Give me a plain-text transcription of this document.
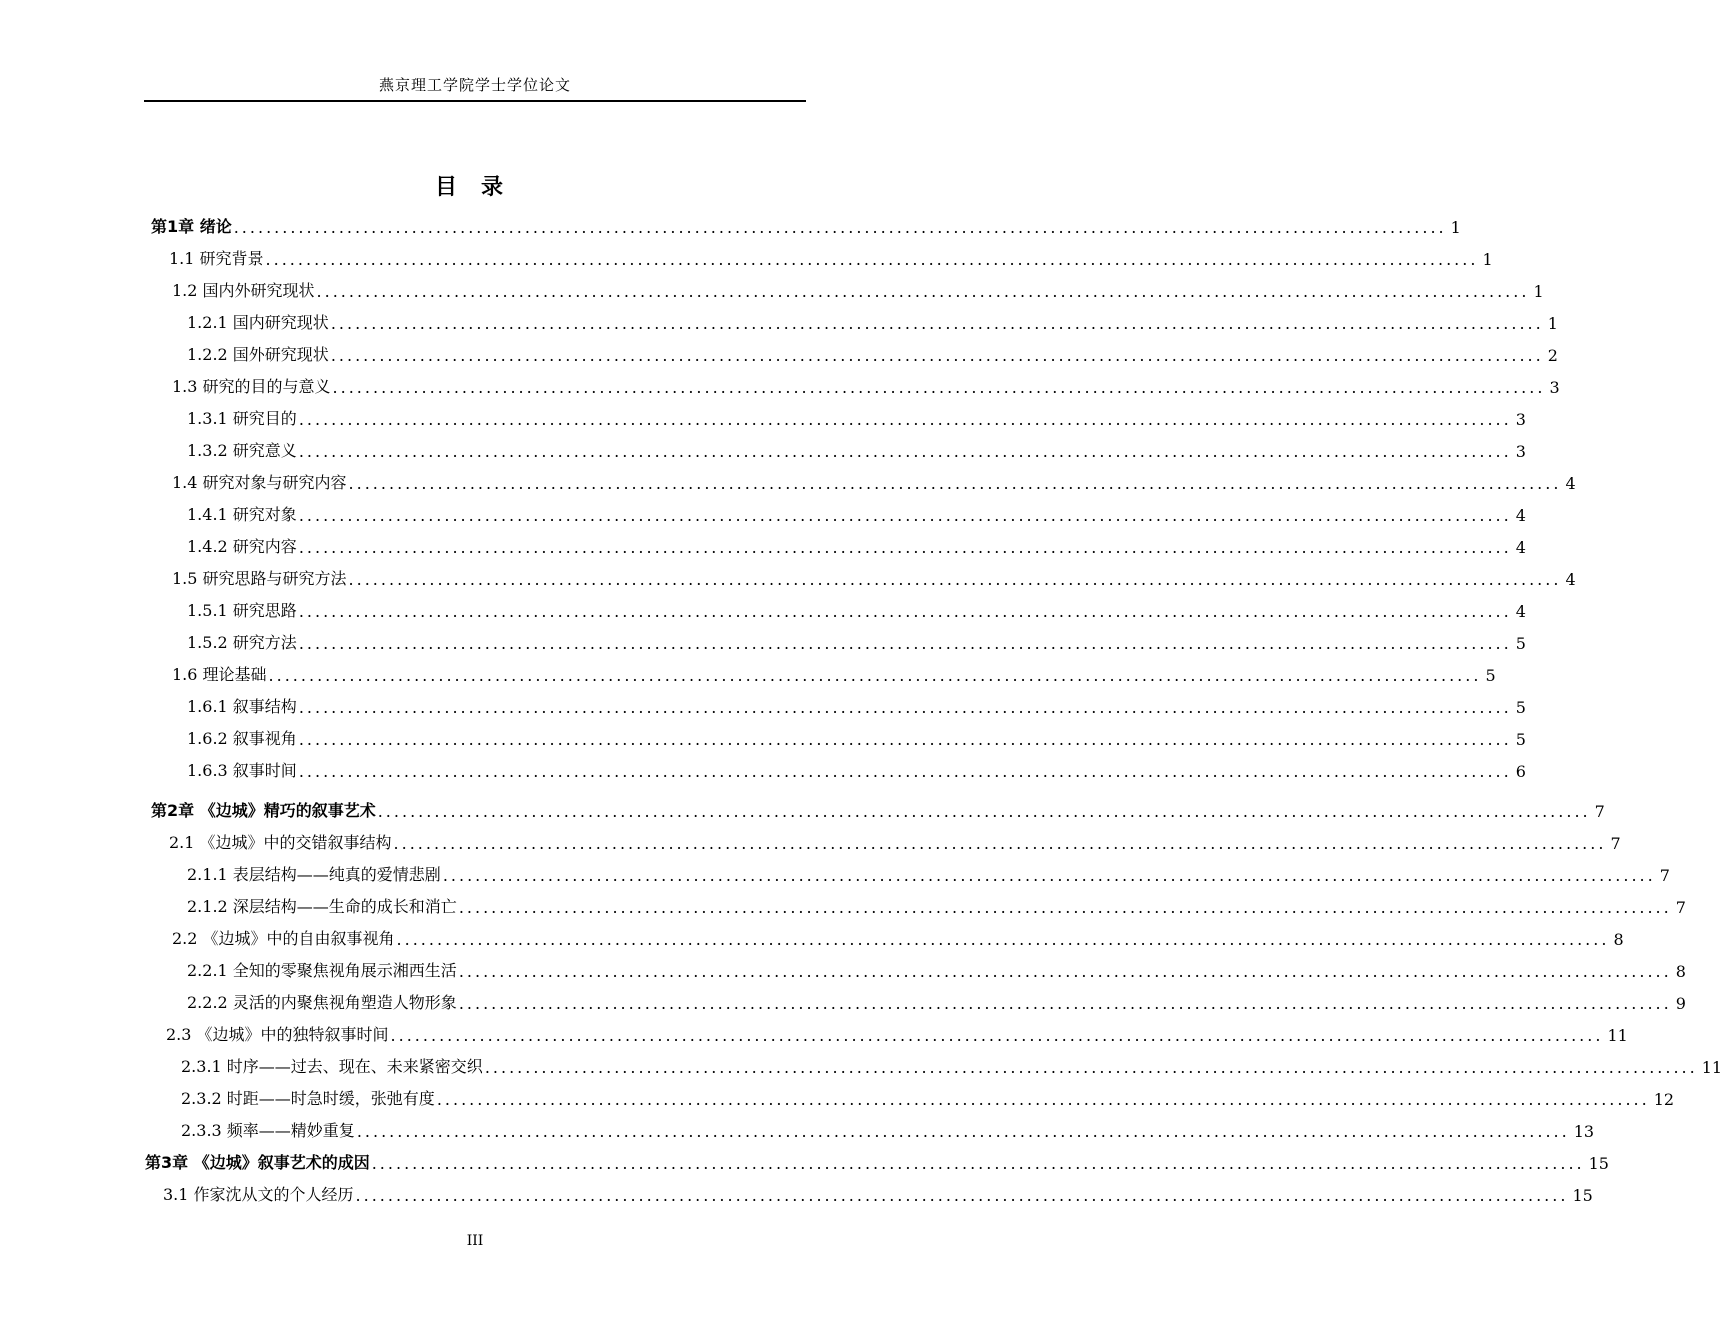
燕京理工学院学士学位论文
目录
第1章 绪论 ...................................................................................................................................................... 1
1.1 研究背景 ...................................................................................................................................................... 1
1.2 国内外研究现状 ...................................................................................................................................................... 1
1.2.1 国内研究现状 ...................................................................................................................................................... 1
1.2.2 国外研究现状 ...................................................................................................................................................... 2
1.3 研究的目的与意义 ...................................................................................................................................................... 3
1.3.1 研究目的 ...................................................................................................................................................... 3
1.3.2 研究意义 ...................................................................................................................................................... 3
1.4 研究对象与研究内容 ...................................................................................................................................................... 4
1.4.1 研究对象 ...................................................................................................................................................... 4
1.4.2 研究内容 ...................................................................................................................................................... 4
1.5 研究思路与研究方法 ...................................................................................................................................................... 4
1.5.1 研究思路 ...................................................................................................................................................... 4
1.5.2 研究方法 ...................................................................................................................................................... 5
1.6 理论基础 ...................................................................................................................................................... 5
1.6.1 叙事结构 ...................................................................................................................................................... 5
1.6.2 叙事视角 ...................................................................................................................................................... 5
1.6.3 叙事时间 ...................................................................................................................................................... 6
第2章 《边城》精巧的叙事艺术 ...................................................................................................................................................... 7
2.1 《边城》中的交错叙事结构 ...................................................................................................................................................... 7
2.1.1 表层结构——纯真的爱情悲剧 ...................................................................................................................................................... 7
2.1.2 深层结构——生命的成长和消亡 ...................................................................................................................................................... 7
2.2 《边城》中的自由叙事视角 ...................................................................................................................................................... 8
2.2.1 全知的零聚焦视角展示湘西生活 ...................................................................................................................................................... 8
2.2.2 灵活的内聚焦视角塑造人物形象 ...................................................................................................................................................... 9
2.3 《边城》中的独特叙事时间 ...................................................................................................................................................... 11
2.3.1 时序——过去、现在、未来紧密交织 ...................................................................................................................................................... 11
2.3.2 时距——时急时缓，张弛有度 ...................................................................................................................................................... 12
2.3.3 频率——精妙重复 ...................................................................................................................................................... 13
第3章 《边城》叙事艺术的成因 ...................................................................................................................................................... 15
3.1 作家沈从文的个人经历 ...................................................................................................................................................... 15
III
